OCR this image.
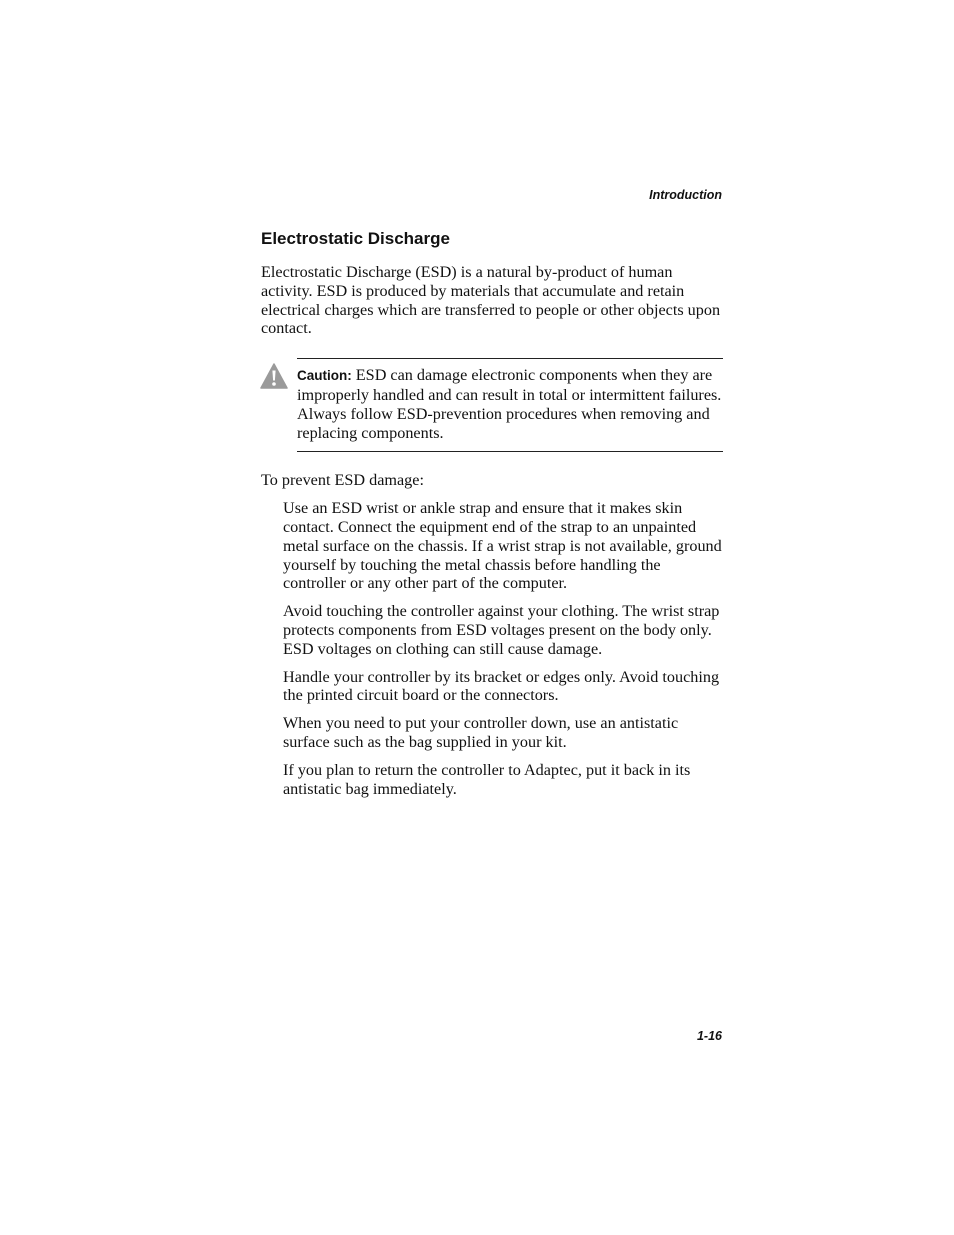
Introduction
Electrostatic Discharge

Electrostatic Discharge (ESD) is a natural by-product of human activity. ESD is produced by materials that accumulate and retain electrical charges which are transferred to people or other objects upon contact.

Caution: ESD can damage electronic components when they are improperly handled and can result in total or intermittent failures. Always follow ESD-prevention procedures when removing and replacing components.

To prevent ESD damage:

Use an ESD wrist or ankle strap and ensure that it makes skin contact. Connect the equipment end of the strap to an unpainted metal surface on the chassis. If a wrist strap is not available, ground yourself by touching the metal chassis before handling the controller or any other part of the computer.
Avoid touching the controller against your clothing. The wrist strap protects components from ESD voltages present on the body only. ESD voltages on clothing can still cause damage.
Handle your controller by its bracket or edges only. Avoid touching the printed circuit board or the connectors.
When you need to put your controller down, use an antistatic surface such as the bag supplied in your kit.
If you plan to return the controller to Adaptec, put it back in its antistatic bag immediately.
1-16
